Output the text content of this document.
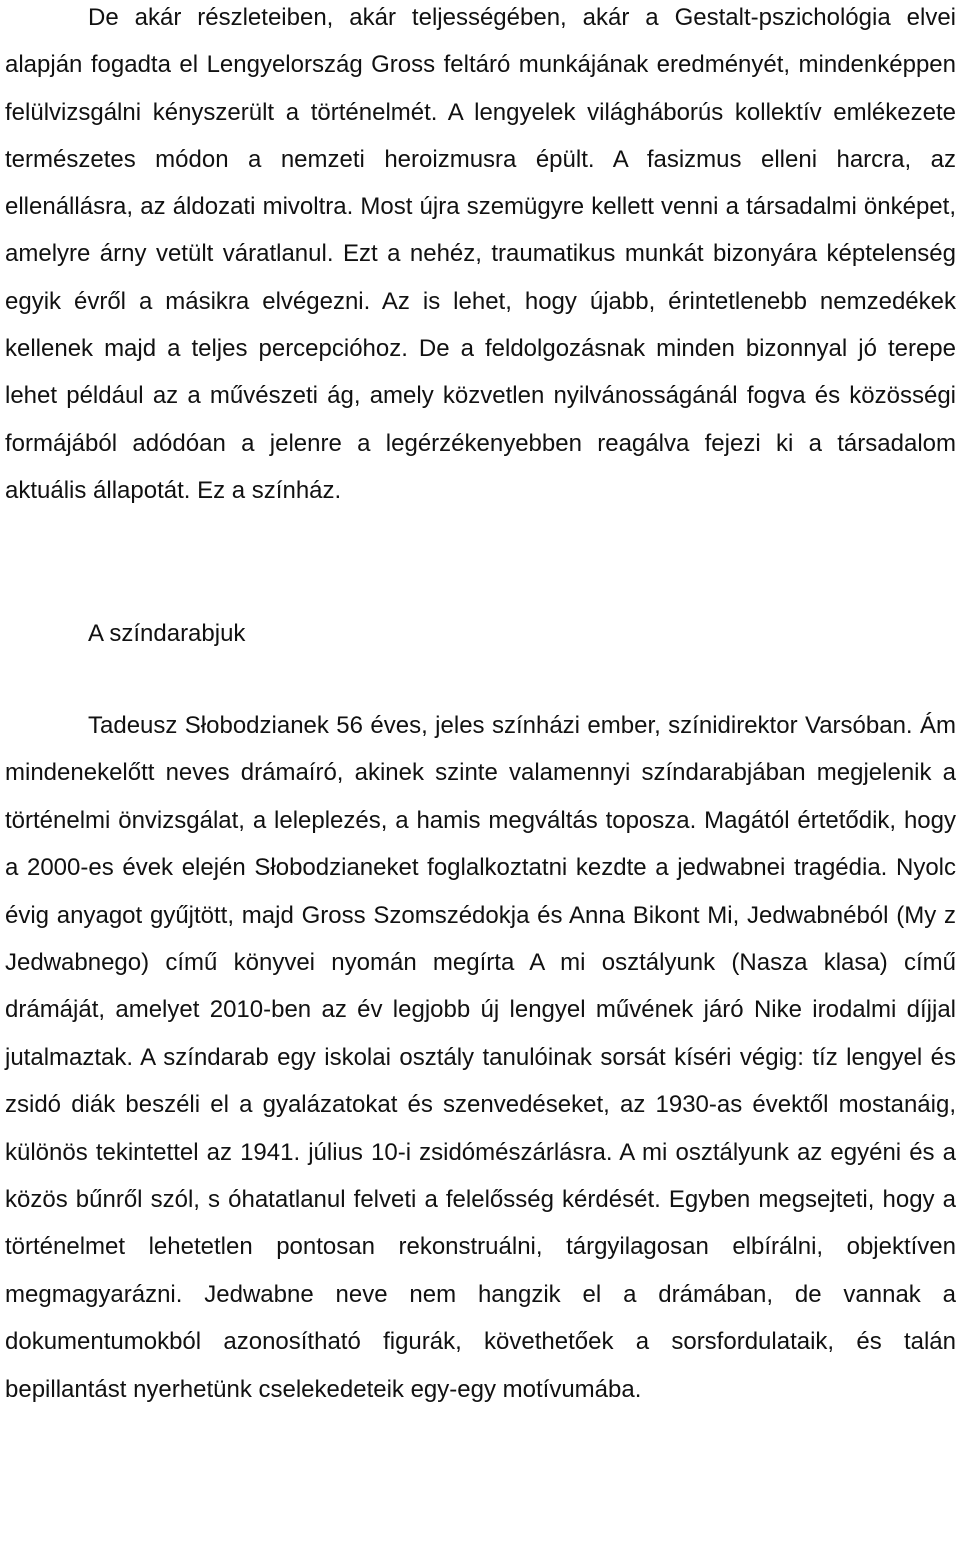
De akár részleteiben, akár teljességében, akár a Gestalt-pszichológia elvei alapján fogadta el Lengyelország Gross feltáró munkájának eredményét, mindenképpen felülvizsgálni kényszerült a történelmét. A lengyelek világháborús kollektív emlékezete természetes módon a nemzeti heroizmusra épült. A fasizmus elleni harcra, az ellenállásra, az áldozati mivoltra. Most újra szemügyre kellett venni a társadalmi önképet, amelyre árny vetült váratlanul. Ezt a nehéz, traumatikus munkát bizonyára képtelenség egyik évről a másikra elvégezni. Az is lehet, hogy újabb, érintetlenebb nemzedékek kellenek majd a teljes percepcióhoz. De a feldolgozásnak minden bizonnyal jó terepe lehet például az a művészeti ág, amely közvetlen nyilvánosságánál fogva és közösségi formájából adódóan a jelenre a legérzékenyebben reagálva fejezi ki a társadalom aktuális állapotát. Ez a színház.

A színdarabjuk

Tadeusz Słobodzianek 56 éves, jeles színházi ember, színidirektor Varsóban. Ám mindenekelőtt neves drámaíró, akinek szinte valamennyi színdarabjában megjelenik a történelmi önvizsgálat, a leleplezés, a hamis megváltás toposza. Magától értetődik, hogy a 2000-es évek elején Słobodzianeket foglalkoztatni kezdte a jedwabnei tragédia. Nyolc évig anyagot gyűjtött, majd Gross Szomszédokja és Anna Bikont Mi, Jedwabnéból (My z Jedwabnego) című könyvei nyomán megírta A mi osztályunk (Nasza klasa) című drámáját, amelyet 2010-ben az év legjobb új lengyel művének járó Nike irodalmi díjjal jutalmaztak. A színdarab egy iskolai osztály tanulóinak sorsát kíséri végig: tíz lengyel és zsidó diák beszéli el a gyalázatokat és szenvedéseket, az 1930-as évektől mostanáig, különös tekintettel az 1941. július 10-i zsidómészárlásra. A mi osztályunk az egyéni és a közös bűnről szól, s óhatatlanul felveti a felelősség kérdését. Egyben megsejteti, hogy a történelmet lehetetlen pontosan rekonstruálni, tárgyilagosan elbírálni, objektíven megmagyarázni. Jedwabne neve nem hangzik el a drámában, de vannak a dokumentumokból azonosítható figurák, követhetőek a sorsfordulataik, és talán bepillantást nyerhetünk cselekedeteik egy-egy motívumába.
